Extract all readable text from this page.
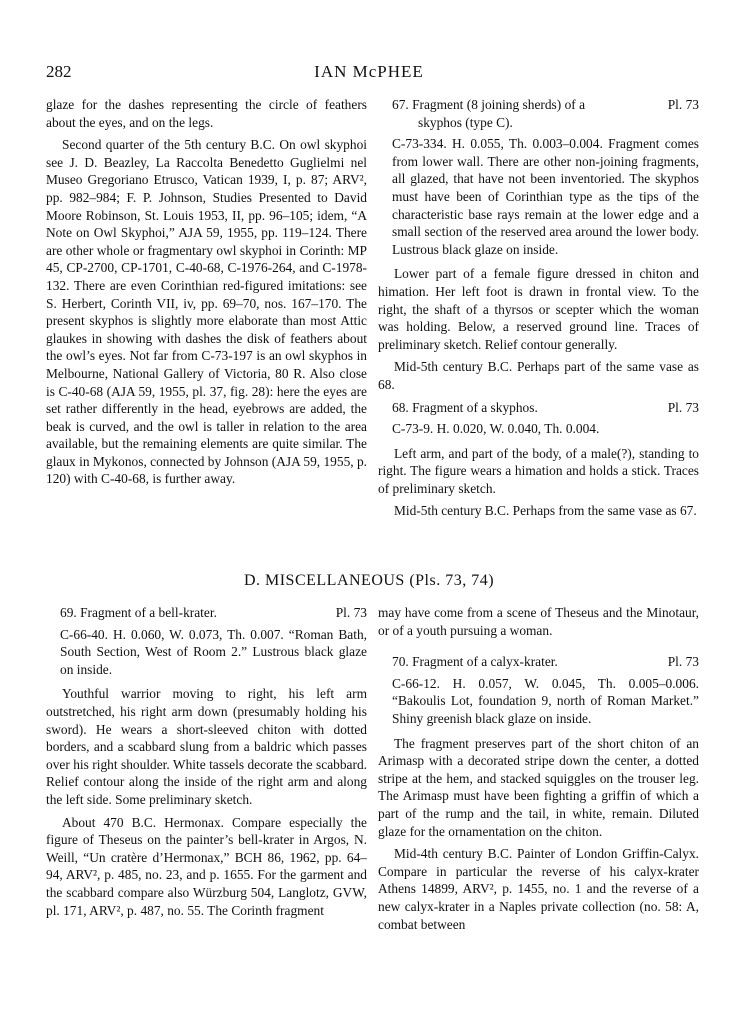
282	IAN McPHEE

glaze for the dashes representing the circle of feathers about the eyes, and on the legs.

Second quarter of the 5th century B.C. On owl skyphoi see J. D. Beazley, La Raccolta Benedetto Guglielmi nel Museo Gregoriano Etrusco, Vatican 1939, I, p. 87; ARV², pp. 982–984; F. P. Johnson, Studies Presented to David Moore Robinson, St. Louis 1953, II, pp. 96–105; idem, “A Note on Owl Skyphoi,” AJA 59, 1955, pp. 119–124. There are other whole or fragmentary owl skyphoi in Corinth: MP 45, CP-2700, CP-1701, C-40-68, C-1976-264, and C-1978-132. There are even Corinthian red-figured imitations: see S. Herbert, Corinth VII, iv, pp. 69–70, nos. 167–170. The present skyphos is slightly more elaborate than most Attic glaukes in showing with dashes the disk of feathers about the owl’s eyes. Not far from C-73-197 is an owl skyphos in Melbourne, National Gallery of Victoria, 80 R. Also close is C-40-68 (AJA 59, 1955, pl. 37, fig. 28): here the eyes are set rather differently in the head, eyebrows are added, the beak is curved, and the owl is taller in relation to the area available, but the remaining elements are quite similar. The glaux in Mykonos, connected by Johnson (AJA 59, 1955, p. 120) with C-40-68, is further away.

67. Fragment (8 joining sherds) of a	Pl. 73
skyphos (type C).
C-73-334. H. 0.055, Th. 0.003–0.004. Fragment comes from lower wall. There are other non-joining fragments, all glazed, that have not been inventoried. The skyphos must have been of Corinthian type as the tips of the characteristic base rays remain at the lower edge and a small section of the reserved area around the lower body. Lustrous black glaze on inside.

Lower part of a female figure dressed in chiton and himation. Her left foot is drawn in frontal view. To the right, the shaft of a thyrsos or scepter which the woman was holding. Below, a reserved ground line. Traces of preliminary sketch. Relief contour generally.

Mid-5th century B.C. Perhaps part of the same vase as 68.

68. Fragment of a skyphos.	Pl. 73
C-73-9. H. 0.020, W. 0.040, Th. 0.004.

Left arm, and part of the body, of a male(?), standing to right. The figure wears a himation and holds a stick. Traces of preliminary sketch.

Mid-5th century B.C. Perhaps from the same vase as 67.

D. MISCELLANEOUS (Pls. 73, 74)
69. Fragment of a bell-krater.	Pl. 73
C-66-40. H. 0.060, W. 0.073, Th. 0.007. “Roman Bath, South Section, West of Room 2.” Lustrous black glaze on inside.

Youthful warrior moving to right, his left arm outstretched, his right arm down (presumably holding his sword). He wears a short-sleeved chiton with dotted borders, and a scabbard slung from a baldric which passes over his right shoulder. White tassels decorate the scabbard. Relief contour along the inside of the right arm and along the left side. Some preliminary sketch.

About 470 B.C. Hermonax. Compare especially the figure of Theseus on the painter’s bell-krater in Argos, N. Weill, “Un cratère d’Hermonax,” BCH 86, 1962, pp. 64–94, ARV², p. 485, no. 23, and p. 1655. For the garment and the scabbard compare also Würzburg 504, Langlotz, GVW, pl. 171, ARV², p. 487, no. 55. The Corinth fragment

may have come from a scene of Theseus and the Minotaur, or of a youth pursuing a woman.

70. Fragment of a calyx-krater.	Pl. 73
C-66-12. H. 0.057, W. 0.045, Th. 0.005–0.006. “Bakoulis Lot, foundation 9, north of Roman Market.” Shiny greenish black glaze on inside.

The fragment preserves part of the short chiton of an Arimasp with a decorated stripe down the center, a dotted stripe at the hem, and stacked squiggles on the trouser leg. The Arimasp must have been fighting a griffin of which a part of the rump and the tail, in white, remain. Diluted glaze for the ornamentation on the chiton.

Mid-4th century B.C. Painter of London Griffin-Calyx. Compare in particular the reverse of his calyx-krater Athens 14899, ARV², p. 1455, no. 1 and the reverse of a new calyx-krater in a Naples private collection (no. 58: A, combat between
